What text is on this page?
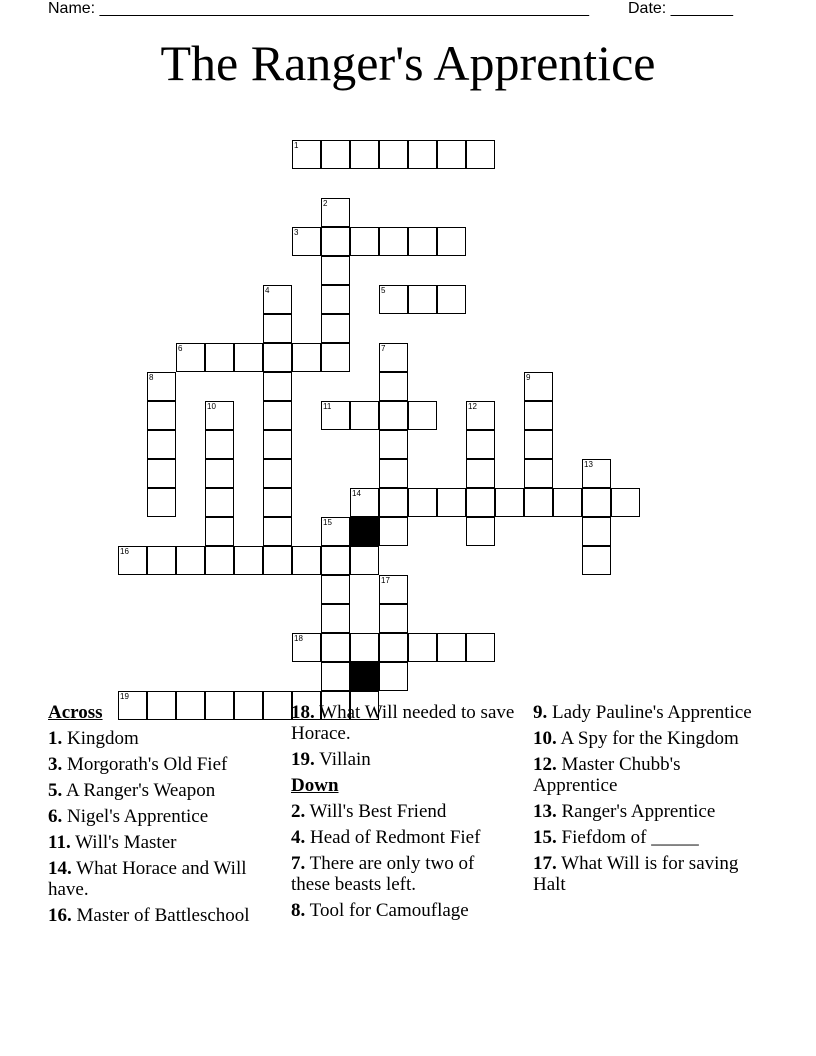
Name: _______________________________________________________ Date: _______
The Ranger's Apprentice
1
2
3
4	5
6	7
8	9
10	11	12
13
14
15
16
17
18
19
Across
1. Kingdom
3. Morgorath's Old Fief
5. A Ranger's Weapon
6. Nigel's Apprentice
11. Will's Master
14. What Horace and Will have.
16. Master of Battleschool
18. What Will needed to save Horace.
19. Villain
Down
2. Will's Best Friend
4. Head of Redmont Fief
7. There are only two of these beasts left.
8. Tool for Camouflage
9. Lady Pauline's Apprentice
10. A Spy for the Kingdom
12. Master Chubb's Apprentice
13. Ranger's Apprentice
15. Fiefdom of _____
17. What Will is for saving Halt
